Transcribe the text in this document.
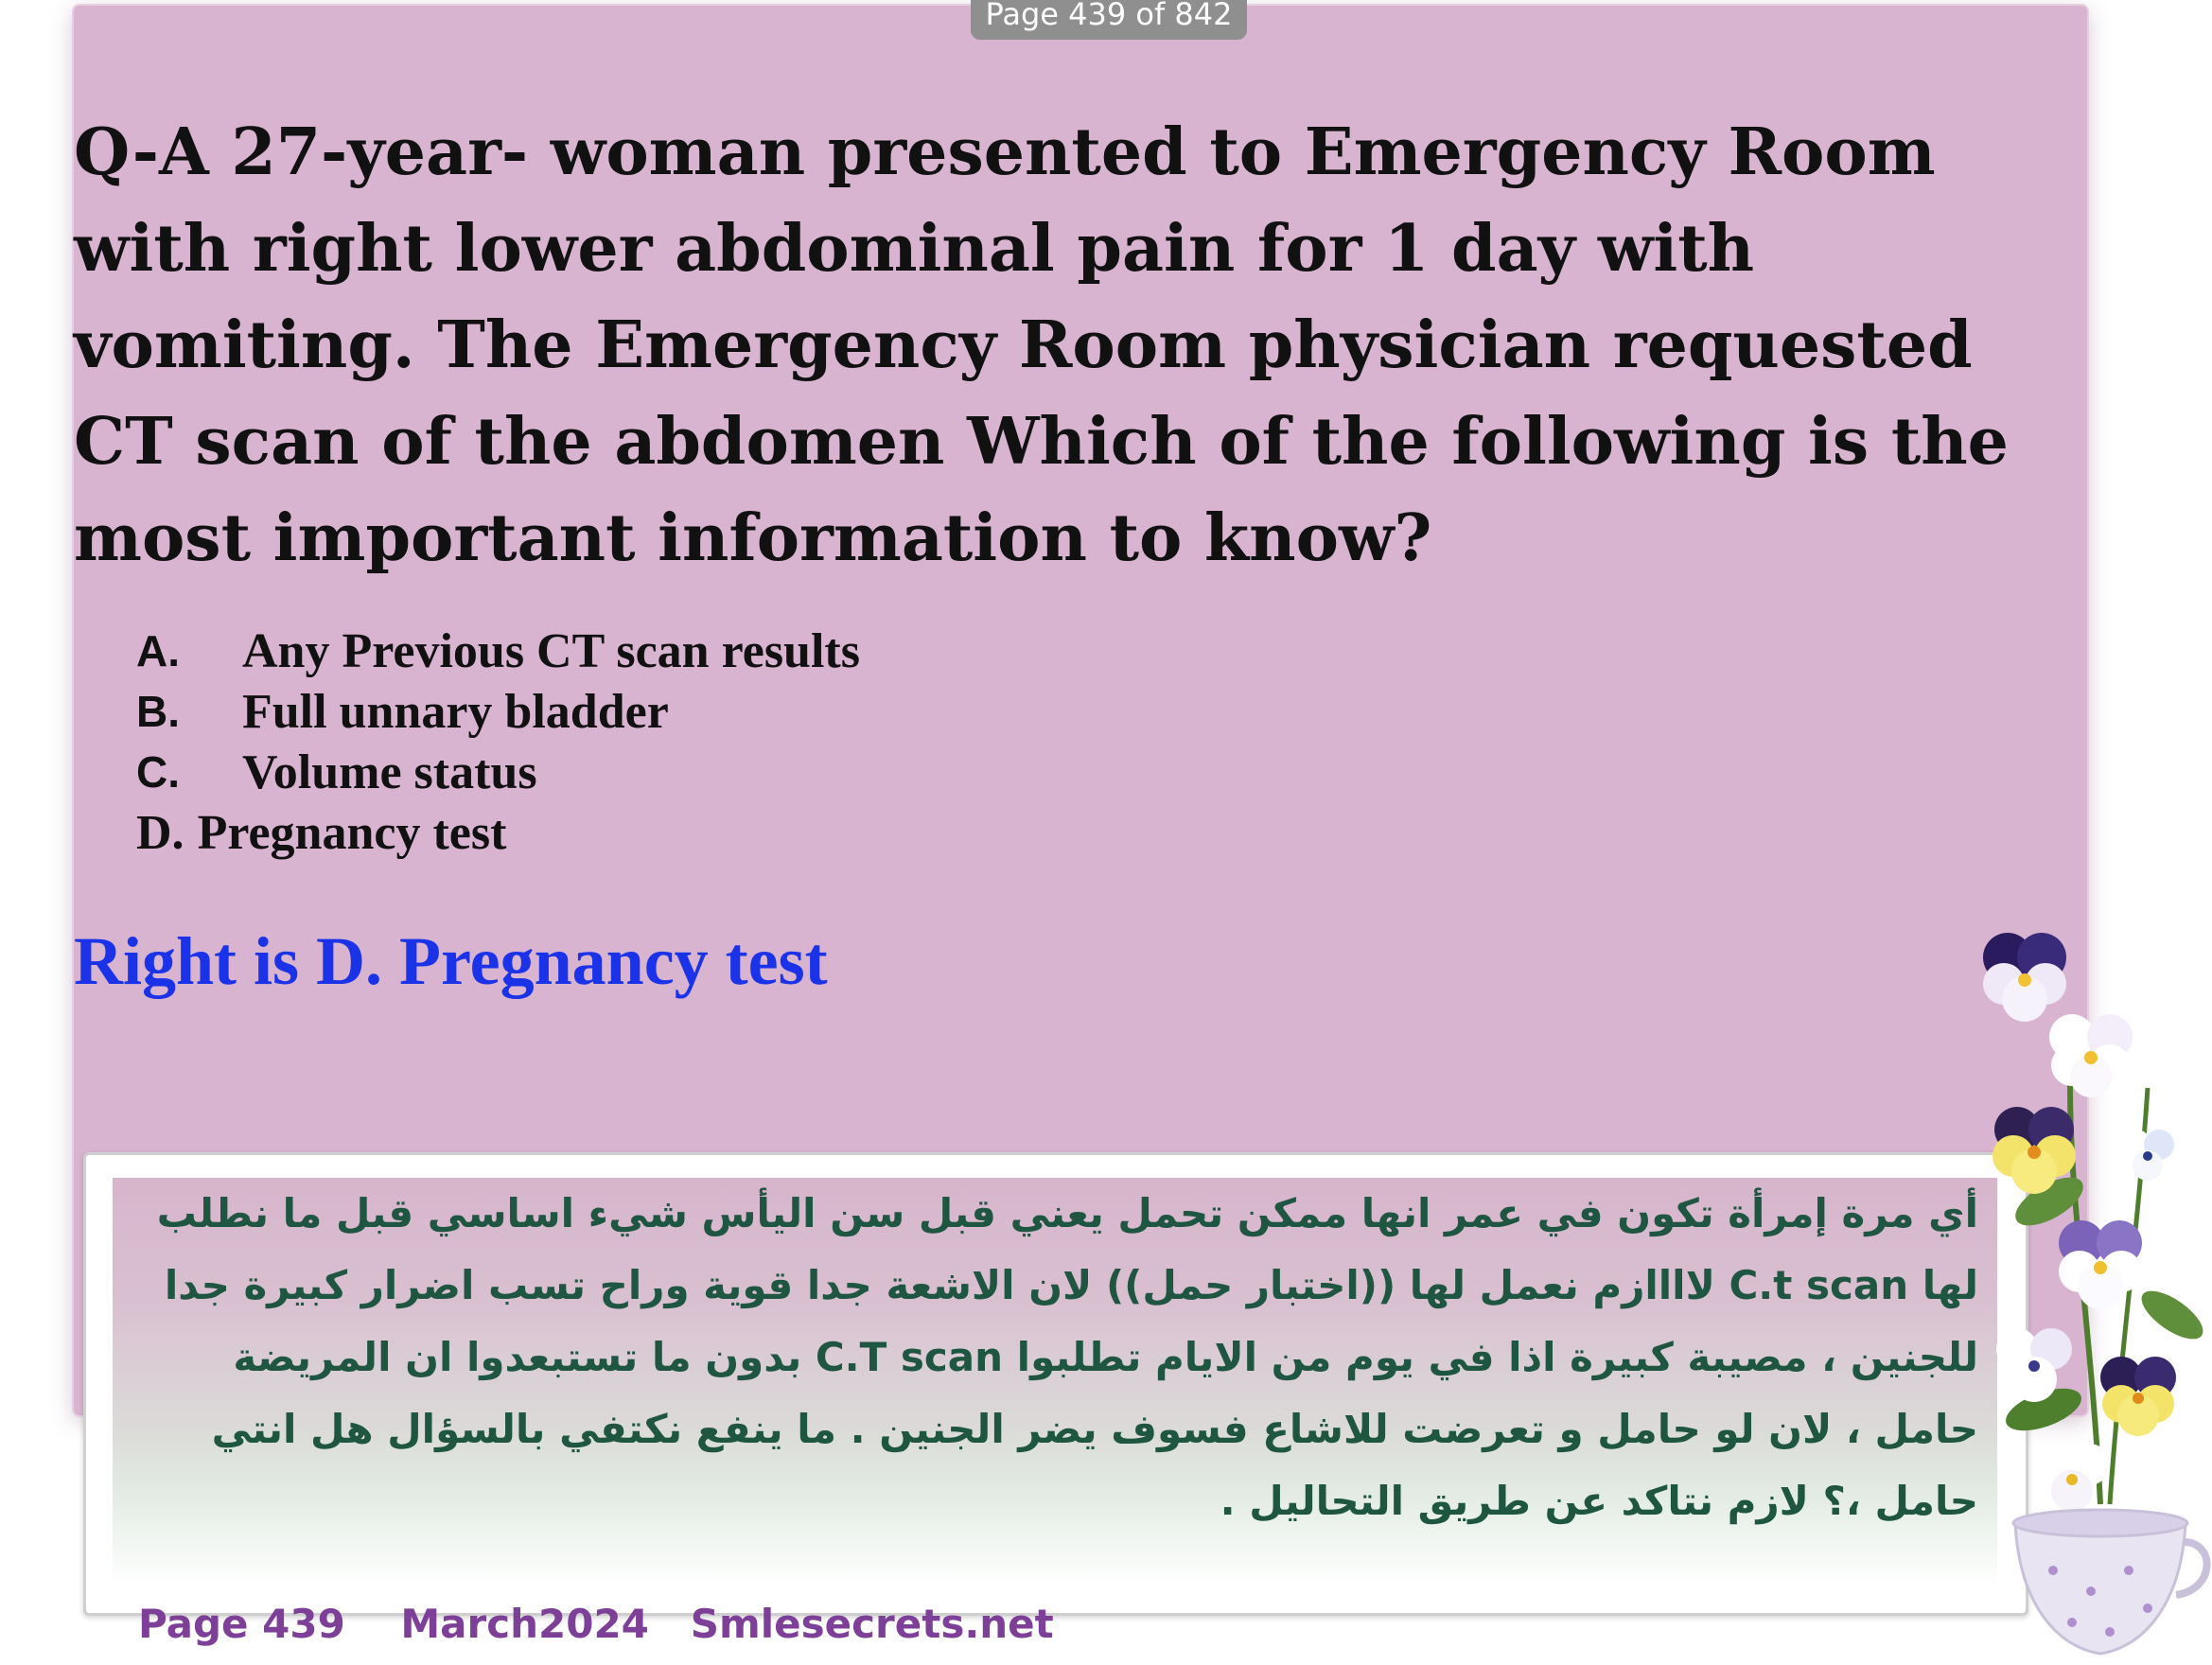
Page 439 of 842

Q-A 27-year- woman presented to Emergency Room with right lower abdominal pain for 1 day with vomiting. The Emergency Room physician requested CT scan of the abdomen Which of the following is the most important information to know?

A.	Any Previous CT scan results
B.	Full unnary bladder
C.	Volume status
D. Pregnancy test

Right is D. Pregnancy test

أي مرة إمرأة تكون في عمر انها ممكن تحمل يعني قبل سن اليأس شيء اساسي قبل ما نطلب لها C.t scan لاااازم نعمل لها ((اختبار حمل)) لان الاشعة جدا قوية وراح تسب اضرار كبيرة جدا للجنين ، مصيبة كبيرة اذا في يوم من الايام تطلبوا C.T scan بدون ما تستبعدوا ان المريضة حامل ، لان لو حامل و تعرضت للاشاع فسوف يضر الجنين . ما ينفع نكتفي بالسؤال هل انتي حامل ،؟ لازم نتاكد عن طريق التحاليل .

Page 439 March2024 Smlesecrets.net
